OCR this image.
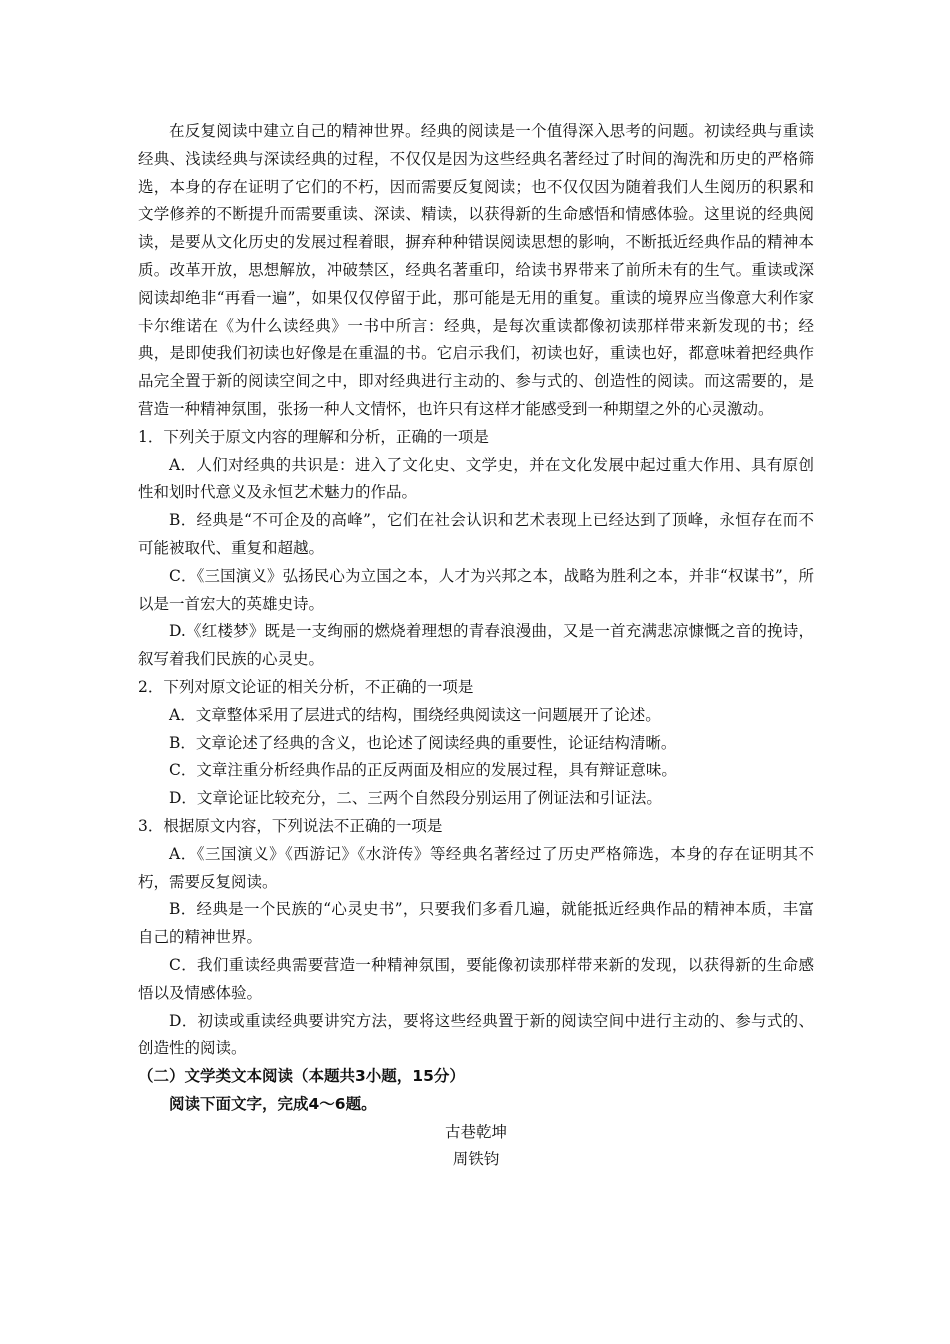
在反复阅读中建立自己的精神世界。经典的阅读是一个值得深入思考的问题。初读经典与重读经典、浅读经典与深读经典的过程，不仅仅是因为这些经典名著经过了时间的淘洗和历史的严格筛选，本身的存在证明了它们的不朽，因而需要反复阅读；也不仅仅因为随着我们人生阅历的积累和文学修养的不断提升而需要重读、深读、精读，以获得新的生命感悟和情感体验。这里说的经典阅读，是要从文化历史的发展过程着眼，摒弃种种错误阅读思想的影响，不断抵近经典作品的精神本质。改革开放，思想解放，冲破禁区，经典名著重印，给读书界带来了前所未有的生气。重读或深阅读却绝非“再看一遍”，如果仅仅停留于此，那可能是无用的重复。重读的境界应当像意大利作家卡尔维诺在《为什么读经典》一书中所言：经典，是每次重读都像初读那样带来新发现的书；经典，是即使我们初读也好像是在重温的书。它启示我们，初读也好，重读也好，都意味着把经典作品完全置于新的阅读空间之中，即对经典进行主动的、参与式的、创造性的阅读。而这需要的，是营造一种精神氛围，张扬一种人文情怀，也许只有这样才能感受到一种期望之外的心灵激动。

1．下列关于原文内容的理解和分析，正确的一项是

A．人们对经典的共识是：进入了文化史、文学史，并在文化发展中起过重大作用、具有原创性和划时代意义及永恒艺术魅力的作品。

B．经典是“不可企及的高峰”，它们在社会认识和艺术表现上已经达到了顶峰，永恒存在而不可能被取代、重复和超越。

C．《三国演义》弘扬民心为立国之本，人才为兴邦之本，战略为胜利之本，并非“权谋书”，所以是一首宏大的英雄史诗。

D.《红楼梦》既是一支绚丽的燃烧着理想的青春浪漫曲，又是一首充满悲凉慷慨之音的挽诗，叙写着我们民族的心灵史。

2．下列对原文论证的相关分析，不正确的一项是

A．文章整体采用了层进式的结构，围绕经典阅读这一问题展开了论述。

B．文章论述了经典的含义，也论述了阅读经典的重要性，论证结构清晰。

C．文章注重分析经典作品的正反两面及相应的发展过程，具有辩证意味。

D．文章论证比较充分，二、三两个自然段分别运用了例证法和引证法。

3．根据原文内容，下列说法不正确的一项是

A．《三国演义》《西游记》《水浒传》等经典名著经过了历史严格筛选，本身的存在证明其不朽，需要反复阅读。

B．经典是一个民族的“心灵史书”，只要我们多看几遍，就能抵近经典作品的精神本质，丰富自己的精神世界。

C．我们重读经典需要营造一种精神氛围，要能像初读那样带来新的发现，以获得新的生命感悟以及情感体验。

D．初读或重读经典要讲究方法，要将这些经典置于新的阅读空间中进行主动的、参与式的、创造性的阅读。

（二）文学类文本阅读（本题共3小题，15分）

阅读下面文字，完成4～6题。

古巷乾坤

周铁钧
